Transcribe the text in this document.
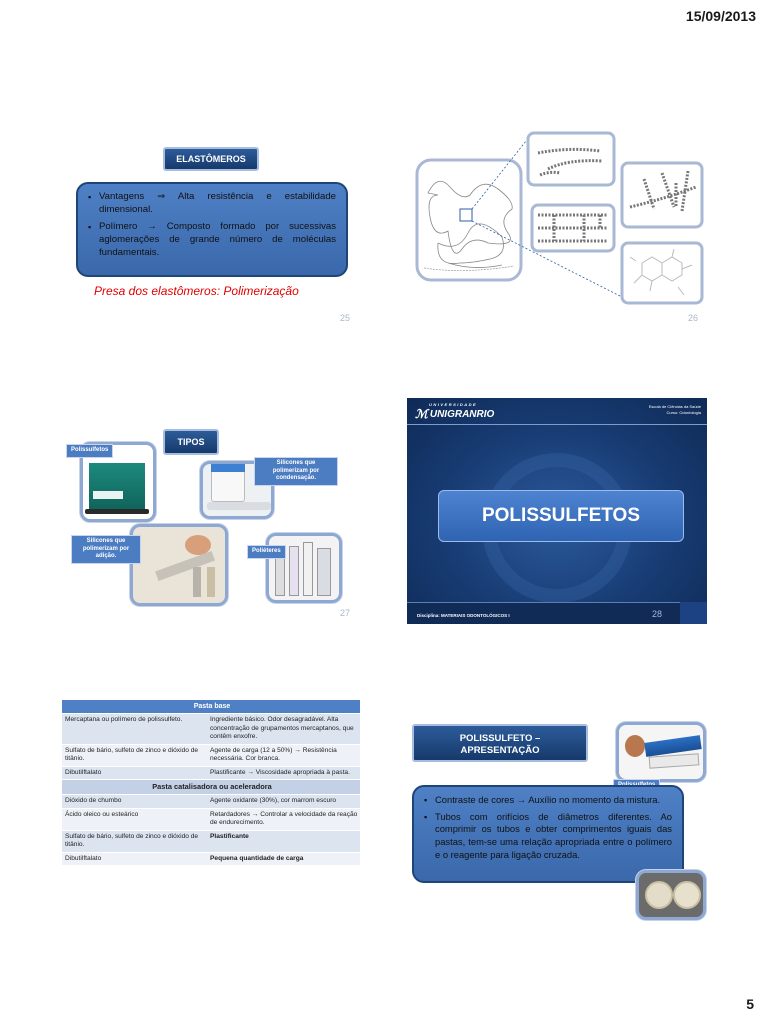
15/09/2013
ELASTÔMEROS
▪ Vantagens ⇒ Alta resistência e estabilidade dimensional.
▪ Polímero → Composto formado por sucessivas aglomerações de grande número de moléculas fundamentais.
Presa dos elastômeros: Polimerização
25	26
TIPOS
Polissulfetos
Silicones que polimerizam por condensação.
Silicones que polimerizam por adição.
Poliéteres
27
UNIVERSIDADE
ℳ UNIGRANRIO
Escola de Ciências da Saúde
Curso: Odontologia
POLISSULFETOS
Disciplina: MATERIAIS ODONTOLÓGICOS I	28
Pasta base	
Mercaptana ou polímero de polissulfeto.	Ingrediente básico. Odor desagradável. Alta concentração de grupamentos mercaptanos, que contêm enxofre.
Sulfato de bário, sulfeto de zinco e dióxido de titânio.	Agente de carga (12 a 50%) → Resistência necessária. Cor branca.
Dibutilftalato	Plastificante → Viscosidade apropriada à pasta.
Pasta catalisadora ou aceleradora	
Dióxido de chumbo	Agente oxidante (30%), cor marrom escuro
Ácido oleico ou esteárico	Retardadores → Controlar a velocidade da reação de endurecimento.
Sulfato de bário, sulfeto de zinco e dióxido de titânio.	Plastificante
Dibutilftalato	Pequena quantidade de carga
POLISSULFETO –
APRESENTAÇÃO
▪ Contraste de cores → Auxílio no momento da mistura.
▪ Tubos com orifícios de diâmetros diferentes. Ao comprimir os tubos e obter comprimentos iguais das pastas, tem-se uma relação apropriada entre o polímero e o reagente para ligação cruzada.
5
